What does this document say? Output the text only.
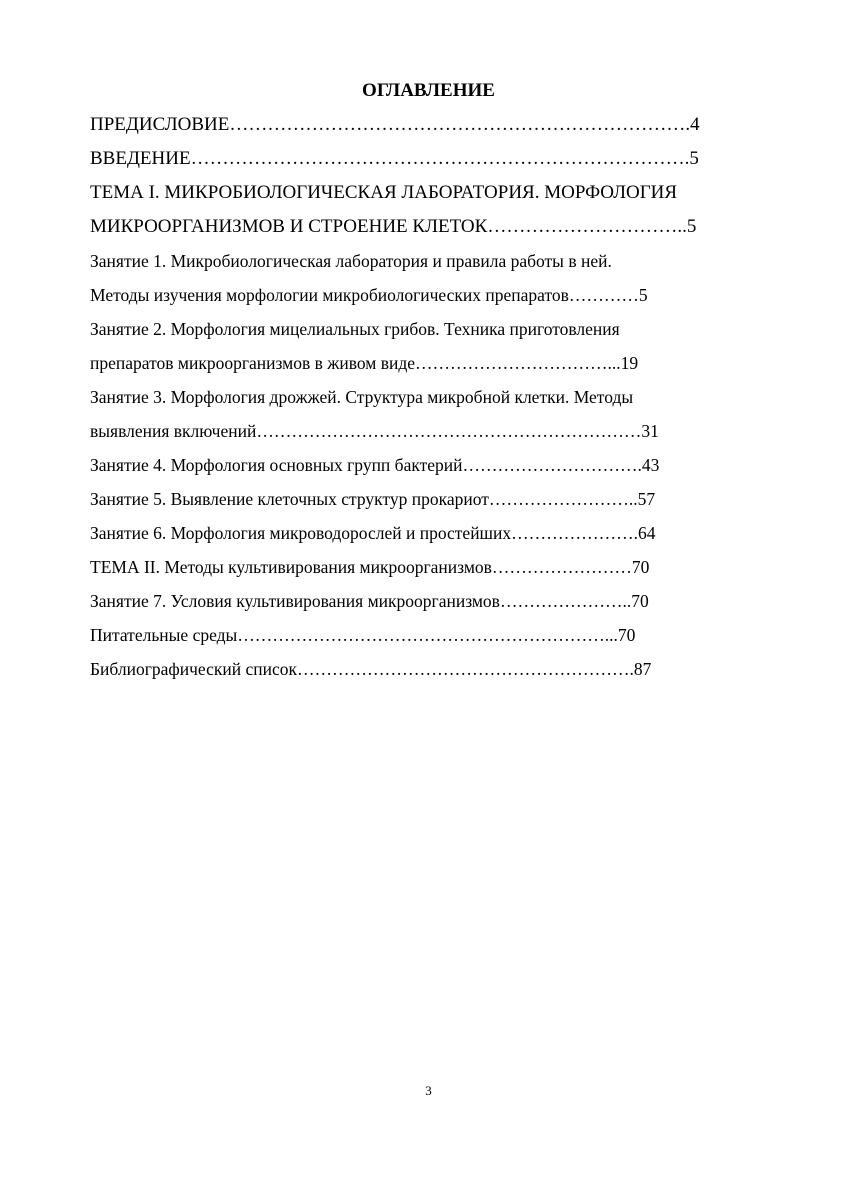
ОГЛАВЛЕНИЕ
ПРЕДИСЛОВИЕ……………………………………………………………….4
ВВЕДЕНИЕ…………………………………………………………………….5
ТЕМА I. МИКРОБИОЛОГИЧЕСКАЯ ЛАБОРАТОРИЯ. МОРФОЛОГИЯ
МИКРООРГАНИЗМОВ И СТРОЕНИЕ КЛЕТОК…………………………..5
Занятие 1. Микробиологическая лаборатория и правила работы в ней.
Методы изучения морфологии микробиологических препаратов…………5
Занятие 2. Морфология мицелиальных грибов. Техника приготовления
препаратов микроорганизмов в живом виде……………………………...19
Занятие 3. Морфология дрожжей. Структура микробной клетки. Методы
выявления включений…………………………………………………………31
Занятие 4. Морфология основных групп бактерий………………………….43
Занятие 5. Выявление клеточных структур прокариот……………………..57
Занятие 6. Морфология микроводорослей и простейших………………….64
ТЕМА II. Методы культивирования микроорганизмов……………………70
Занятие 7. Условия культивирования микроорганизмов…………………..70
Питательные среды………………………………………………………...70
Библиографический список………………………………………………….87
3
